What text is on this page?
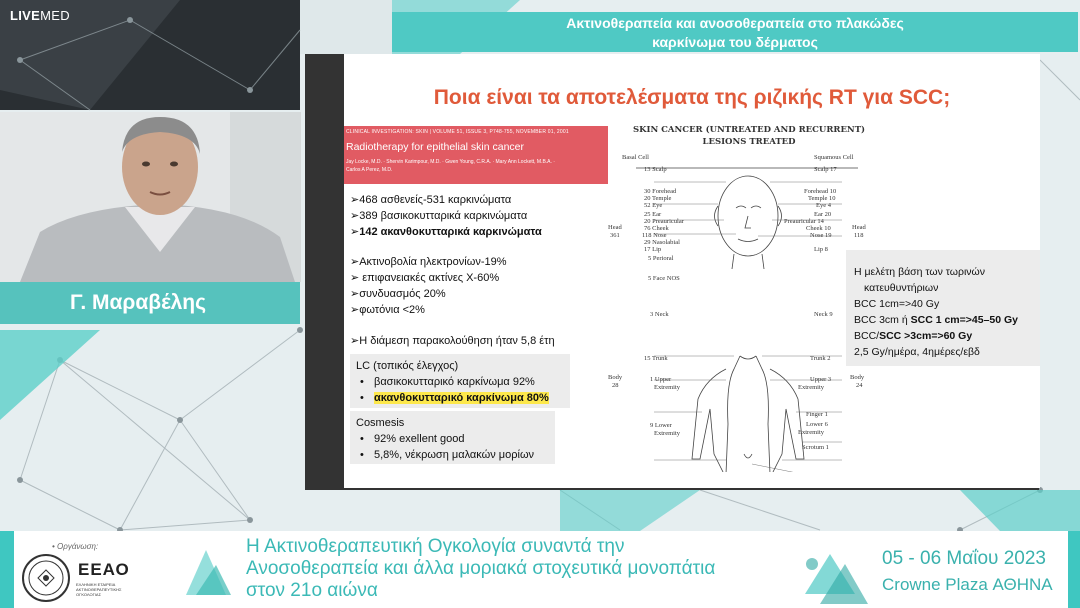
LIVEMED	Ακτινοθεραπεία και ανοσοθεραπεία στο πλακώδες
καρκίνωμα του δέρματος
Γ. Μαραβέλης
Ποια είναι τα αποτελέσματα της ριζικής RT για SCC;
CLINICAL INVESTIGATION: SKIN | VOLUME 51, ISSUE 3, P748-755, NOVEMBER 01, 2001
Radiotherapy for epithelial skin cancer
Jay Locke, M.D. · Shervin Karimpour, M.D. · Gwen Young, C.R.A. · Mary Ann Lockett, M.B.A. ·
Carlos A Perez, M.D.
➢468 ασθενείς-531 καρκινώματα
➢389 βασικοκυτταρικά καρκινώματα
➢142 ακανθοκυτταρικά καρκινώματα
➢Ακτινοβολία ηλεκτρονίων-19%
➢ επιφανειακές ακτίνες Χ-60%
➢συνδυασμός 20%
➢φωτόνια <2%
➢Η διάμεση παρακολούθηση ήταν 5,8 έτη
LC (τοπικός έλεγχος)
• βασικοκυτταρικό καρκίνωμα 92%
• ακανθοκυτταρικό καρκίνωμα 80%
Cosmesis
• 92% exellent good
• 5,8%, νέκρωση μαλακών μορίων
SKIN CANCER (UNTREATED AND RECURRENT)
LESIONS TREATED
Basal Cell	Squamous Cell
Head
361
Head
118
Body
28
Body
24
13 Scalp
30 Forehead
20 Temple
52 Eye
25 Ear
20 Preauricular
76 Cheek
118 Nose
29 Nasolabial
17 Lip
5 Perioral
5 Face NOS
3 Neck
15 Trunk
1 Upper
Extremity
9 Lower
Extremity
Scalp 17
Forehead 10
Temple 10
Eye 4
Ear 20
Preauricular 14
Cheek 10
Nose 19
Lip 8
Neck 9
Trunk 2
Upper 3
Extremity
Finger 1
Lower 6
Extremity
Scrotum 1
Η μελέτη βάση των τωρινών
κατευθυντήριων
BCC 1cm=>40 Gy
BCC 3cm ή SCC 1 cm=>45–50 Gy
BCC/SCC >3cm=>60 Gy
2,5 Gy/ημέρα, 4ημέρες/εβδ
• Οργάνωση:
ΕΕΑΟ
ΕΛΛΗΝΙΚΗ ΕΤΑΙΡΕΙΑ
ΑΚΤΙΝΟΘΕΡΑΠΕΥΤΙΚΗΣ
ΟΓΚΟΛΟΓΙΑΣ
Η Ακτινοθεραπευτική Ογκολογία συναντά την
Ανοσοθεραπεία και άλλα μοριακά στοχευτικά μονοπάτια
στον 21ο αιώνα
05 - 06 Μαΐου 2023
Crowne Plaza ΑΘΗΝΑ
